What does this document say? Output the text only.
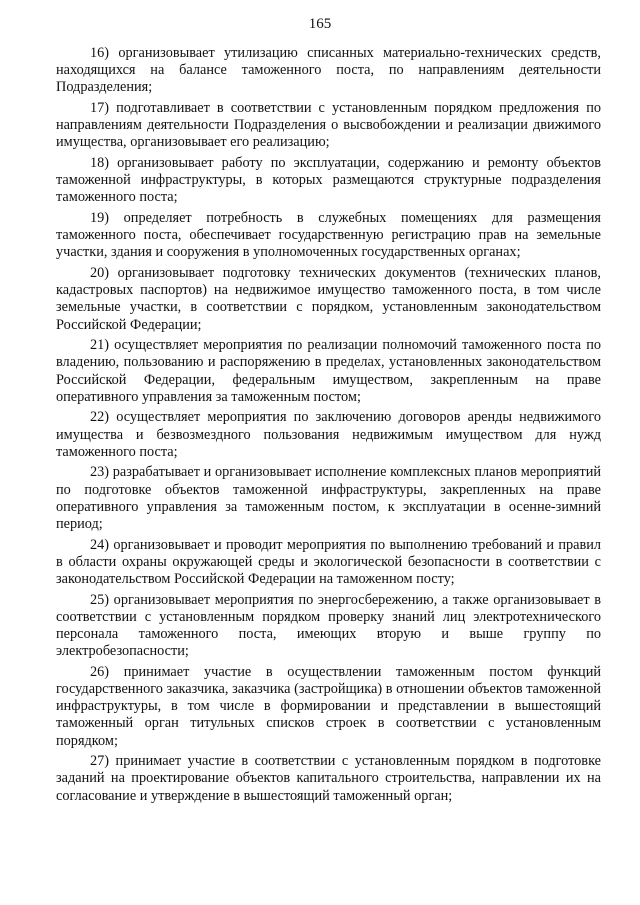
165

16) организовывает утилизацию списанных материально-технических средств, находящихся на балансе таможенного поста, по направлениям деятельности Подразделения;

17) подготавливает в соответствии с установленным порядком предложения по направлениям деятельности Подразделения о высвобождении и реализации движимого имущества, организовывает его реализацию;

18) организовывает работу по эксплуатации, содержанию и ремонту объектов таможенной инфраструктуры, в которых размещаются структурные подразделения таможенного поста;

19) определяет потребность в служебных помещениях для размещения таможенного поста, обеспечивает государственную регистрацию прав на земельные участки, здания и сооружения в уполномоченных государственных органах;

20) организовывает подготовку технических документов (технических планов, кадастровых паспортов) на недвижимое имущество таможенного поста, в том числе земельные участки, в соответствии с порядком, установленным законодательством Российской Федерации;

21) осуществляет мероприятия по реализации полномочий таможенного поста по владению, пользованию и распоряжению в пределах, установленных законодательством Российской Федерации, федеральным имуществом, закрепленным на праве оперативного управления за таможенным постом;

22) осуществляет мероприятия по заключению договоров аренды недвижимого имущества и безвозмездного пользования недвижимым имуществом для нужд таможенного поста;

23) разрабатывает и организовывает исполнение комплексных планов мероприятий по подготовке объектов таможенной инфраструктуры, закрепленных на праве оперативного управления за таможенным постом, к эксплуатации в осенне-зимний период;

24) организовывает и проводит мероприятия по выполнению требований и правил в области охраны окружающей среды и экологической безопасности в соответствии с законодательством Российской Федерации на таможенном посту;

25) организовывает мероприятия по энергосбережению, а также организовывает в соответствии с установленным порядком проверку знаний лиц электротехнического персонала таможенного поста, имеющих вторую и выше группу по электробезопасности;

26) принимает участие в осуществлении таможенным постом функций государственного заказчика, заказчика (застройщика) в отношении объектов таможенной инфраструктуры, в том числе в формировании и представлении в вышестоящий таможенный орган титульных списков строек в соответствии с установленным порядком;

27) принимает участие в соответствии с установленным порядком в подготовке заданий на проектирование объектов капитального строительства, направлении их на согласование и утверждение в вышестоящий таможенный орган;
